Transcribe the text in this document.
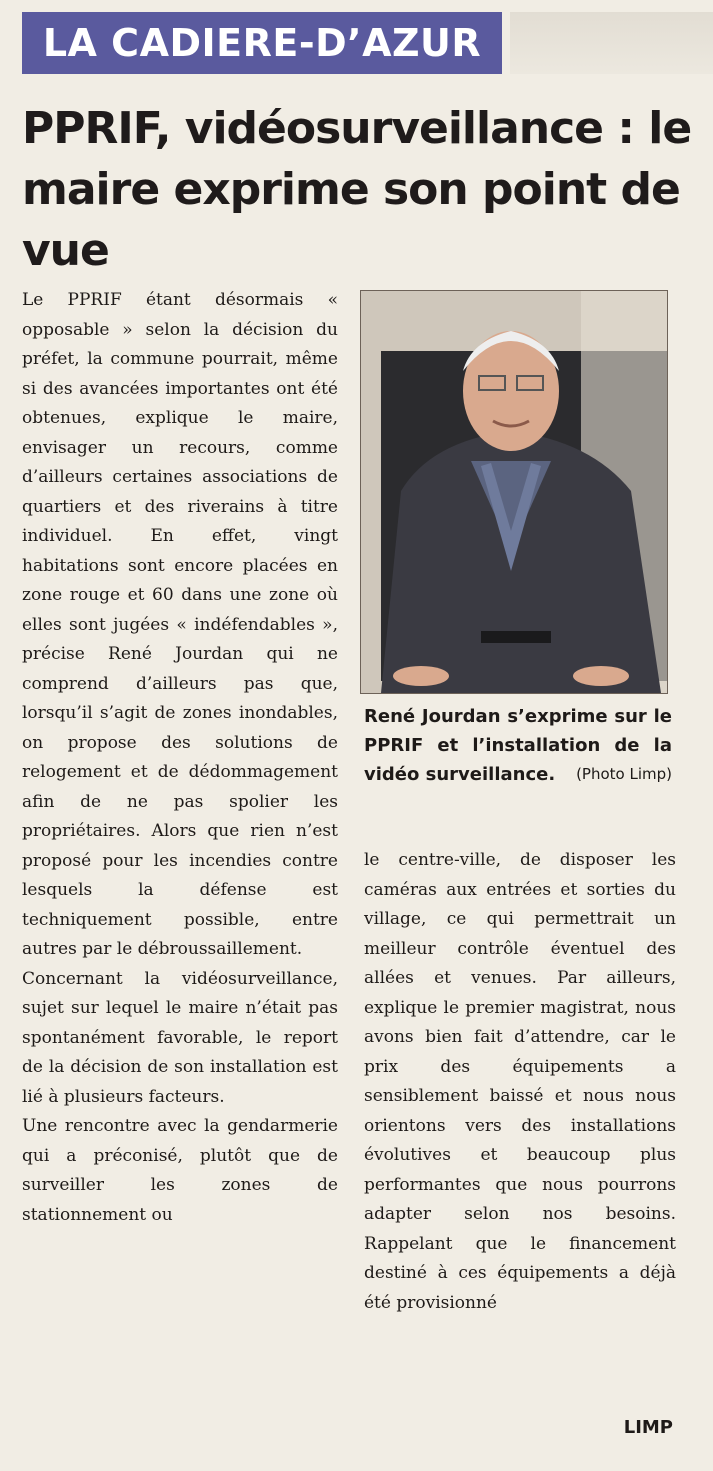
LA CADIERE-D’AZUR
PPRIF, vidéosurveillance : le maire exprime son point de vue

Le PPRIF étant désormais « opposable » selon la décision du préfet, la commune pourrait, même si des avancées importantes ont été obtenues, explique le maire, envisager un recours, comme d’ailleurs certaines associations de quartiers et des riverains à titre individuel. En effet, vingt habitations sont encore placées en zone rouge et 60 dans une zone où elles sont jugées « indéfendables », précise René Jourdan qui ne comprend d’ailleurs pas que, lorsqu’il s’agit de zones inondables, on propose des solutions de relogement et de dédommagement afin de ne pas spolier les propriétaires. Alors que rien n’est proposé pour les incendies contre lesquels la défense est techniquement possible, entre autres par le débroussaillement.

Concernant la vidéosurveillance, sujet sur lequel le maire n’était pas spontanément favorable, le report de la décision de son installation est lié à plusieurs facteurs.

Une rencontre avec la gendarmerie qui a préconisé, plutôt que de surveiller les zones de stationnement ou

René Jourdan s’exprime sur le PPRIF et l’installation de la vidéo surveillance. (Photo Limp)

le centre-ville, de disposer les caméras aux entrées et sorties du village, ce qui permettrait un meilleur contrôle éventuel des allées et venues. Par ailleurs, explique le premier magistrat, nous avons bien fait d’attendre, car le prix des équipements a sensiblement baissé et nous nous orientons vers des installations évolutives et beaucoup plus performantes que nous pourrons adapter selon nos besoins. Rappelant que le financement destiné à ces équipements a déjà été provisionné

LIMP
